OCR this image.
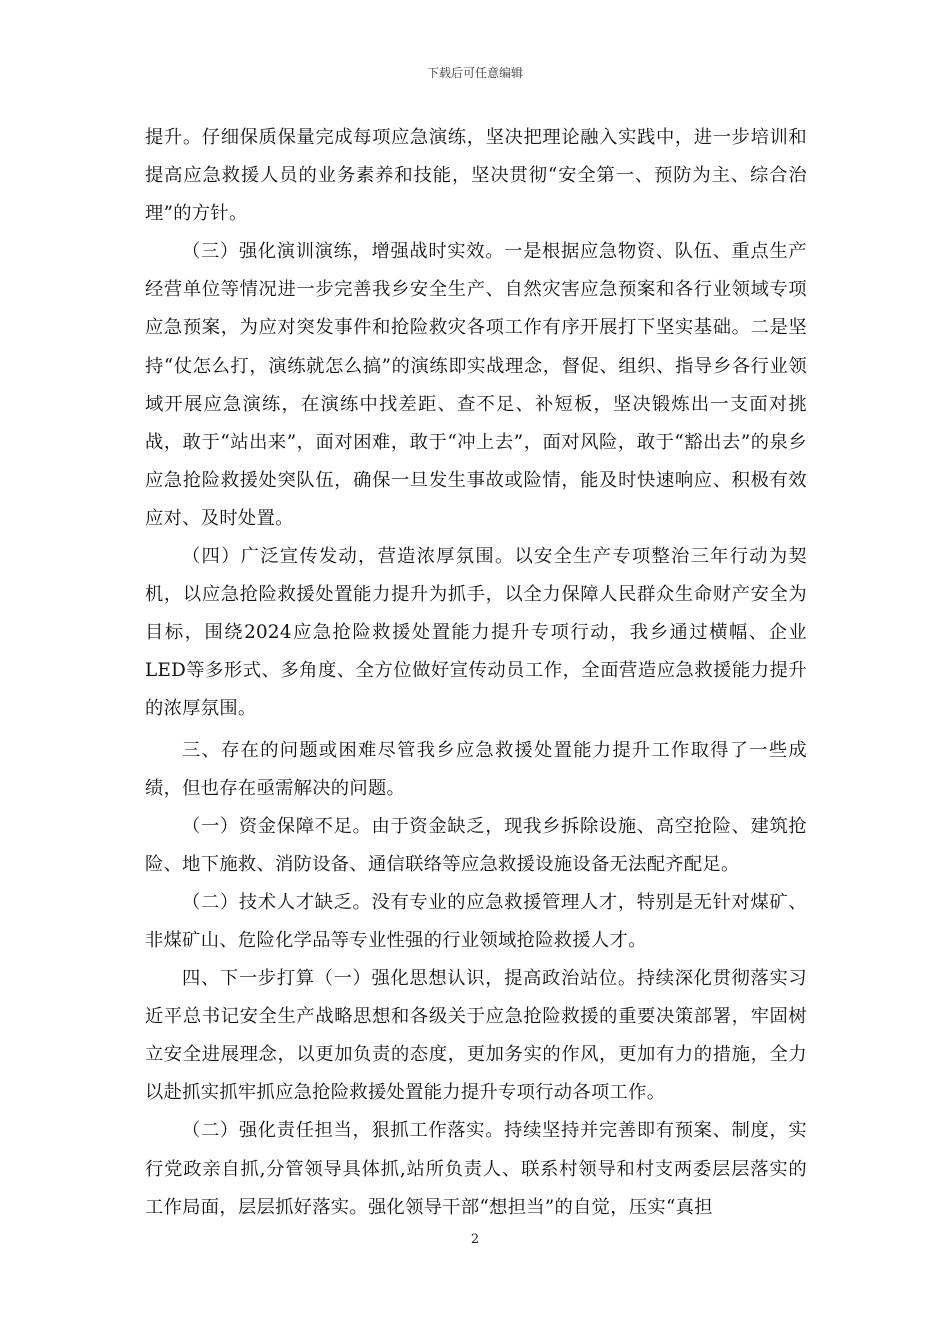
下载后可任意编辑

提升。仔细保质保量完成每项应急演练，坚决把理论融入实践中，进一步培训和提高应急救援人员的业务素养和技能，坚决贯彻“安全第一、预防为主、综合治理”的方针。

（三）强化演训演练，增强战时实效。一是根据应急物资、队伍、重点生产经营单位等情况进一步完善我乡安全生产、自然灾害应急预案和各行业领域专项应急预案，为应对突发事件和抢险救灾各项工作有序开展打下坚实基础。二是坚持“仗怎么打，演练就怎么搞”的演练即实战理念，督促、组织、指导乡各行业领域开展应急演练，在演练中找差距、查不足、补短板，坚决锻炼出一支面对挑战，敢于“站出来”，面对困难，敢于“冲上去”，面对风险，敢于“豁出去”的泉乡应急抢险救援处突队伍，确保一旦发生事故或险情，能及时快速响应、积极有效应对、及时处置。

（四）广泛宣传发动，营造浓厚氛围。以安全生产专项整治三年行动为契机，以应急抢险救援处置能力提升为抓手，以全力保障人民群众生命财产安全为目标，围绕2024应急抢险救援处置能力提升专项行动，我乡通过横幅、企业LED等多形式、多角度、全方位做好宣传动员工作，全面营造应急救援能力提升的浓厚氛围。

三、存在的问题或困难尽管我乡应急救援处置能力提升工作取得了一些成绩，但也存在亟需解决的问题。

（一）资金保障不足。由于资金缺乏，现我乡拆除设施、高空抢险、建筑抢险、地下施救、消防设备、通信联络等应急救援设施设备无法配齐配足。

（二）技术人才缺乏。没有专业的应急救援管理人才，特别是无针对煤矿、非煤矿山、危险化学品等专业性强的行业领域抢险救援人才。

四、下一步打算（一）强化思想认识，提高政治站位。持续深化贯彻落实习近平总书记安全生产战略思想和各级关于应急抢险救援的重要决策部署，牢固树立安全进展理念，以更加负责的态度，更加务实的作风，更加有力的措施，全力以赴抓实抓牢抓应急抢险救援处置能力提升专项行动各项工作。

（二）强化责任担当，狠抓工作落实。持续坚持并完善即有预案、制度，实行党政亲自抓,分管领导具体抓,站所负责人、联系村领导和村支两委层层落实的工作局面，层层抓好落实。强化领导干部“想担当”的自觉，压实“真担

2
